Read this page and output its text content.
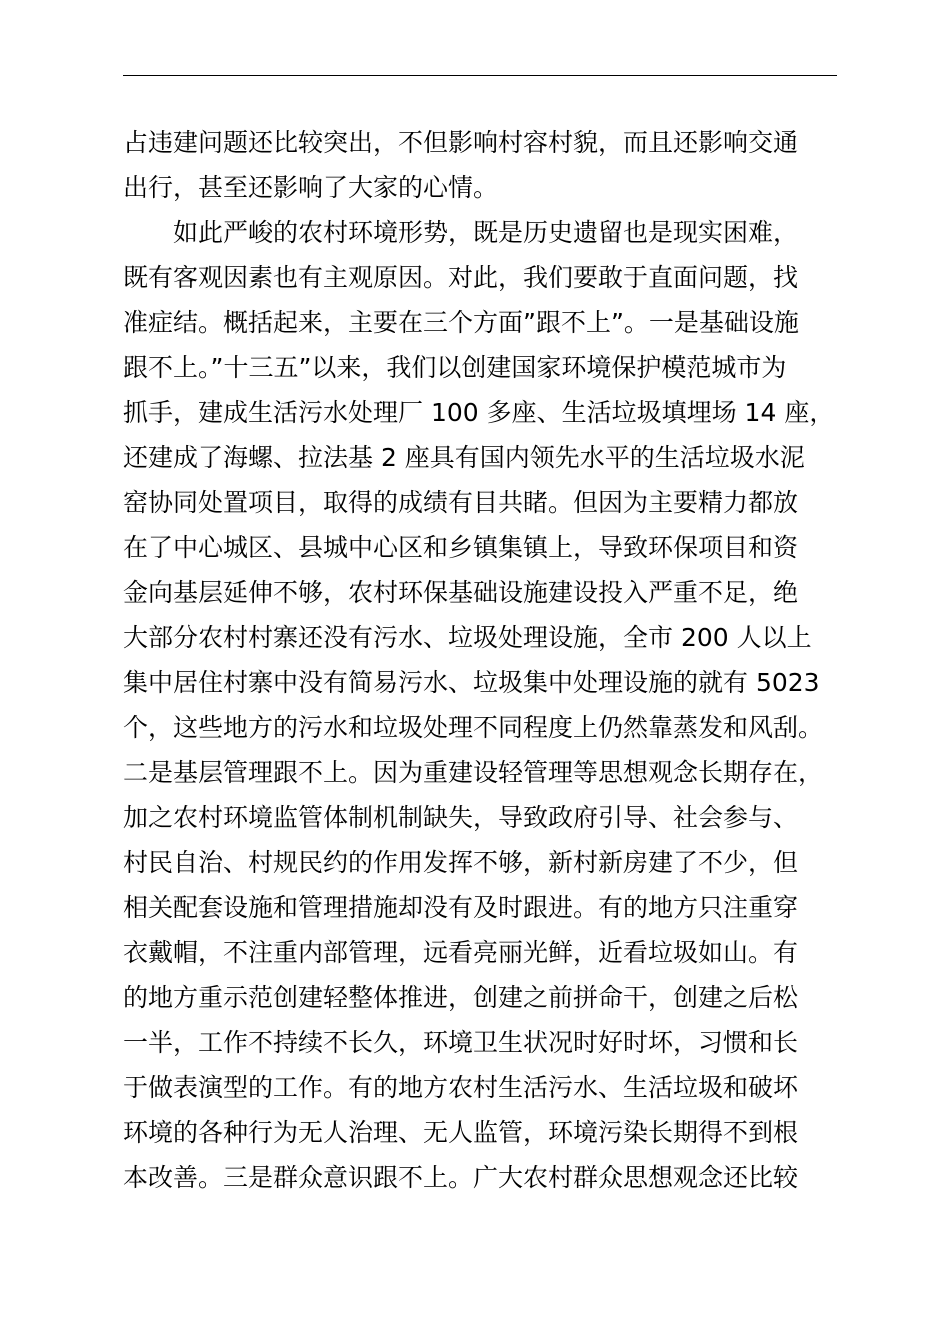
占违建问题还比较突出，不但影响村容村貌，而且还影响交通
出行，甚至还影响了大家的心情。
如此严峻的农村环境形势，既是历史遗留也是现实困难，
既有客观因素也有主观原因。对此，我们要敢于直面问题，找
准症结。概括起来，主要在三个方面”跟不上”。一是基础设施
跟不上。”十三五”以来，我们以创建国家环境保护模范城市为
抓手，建成生活污水处理厂 100 多座、生活垃圾填埋场 14 座，
还建成了海螺、拉法基 2 座具有国内领先水平的生活垃圾水泥
窑协同处置项目，取得的成绩有目共睹。但因为主要精力都放
在了中心城区、县城中心区和乡镇集镇上，导致环保项目和资
金向基层延伸不够，农村环保基础设施建设投入严重不足，绝
大部分农村村寨还没有污水、垃圾处理设施，全市 200 人以上
集中居住村寨中没有简易污水、垃圾集中处理设施的就有 5023
个，这些地方的污水和垃圾处理不同程度上仍然靠蒸发和风刮。
二是基层管理跟不上。因为重建设轻管理等思想观念长期存在，
加之农村环境监管体制机制缺失，导致政府引导、社会参与、
村民自治、村规民约的作用发挥不够，新村新房建了不少，但
相关配套设施和管理措施却没有及时跟进。有的地方只注重穿
衣戴帽，不注重内部管理，远看亮丽光鲜，近看垃圾如山。有
的地方重示范创建轻整体推进，创建之前拼命干，创建之后松
一半，工作不持续不长久，环境卫生状况时好时坏，习惯和长
于做表演型的工作。有的地方农村生活污水、生活垃圾和破坏
环境的各种行为无人治理、无人监管，环境污染长期得不到根
本改善。三是群众意识跟不上。广大农村群众思想观念还比较
